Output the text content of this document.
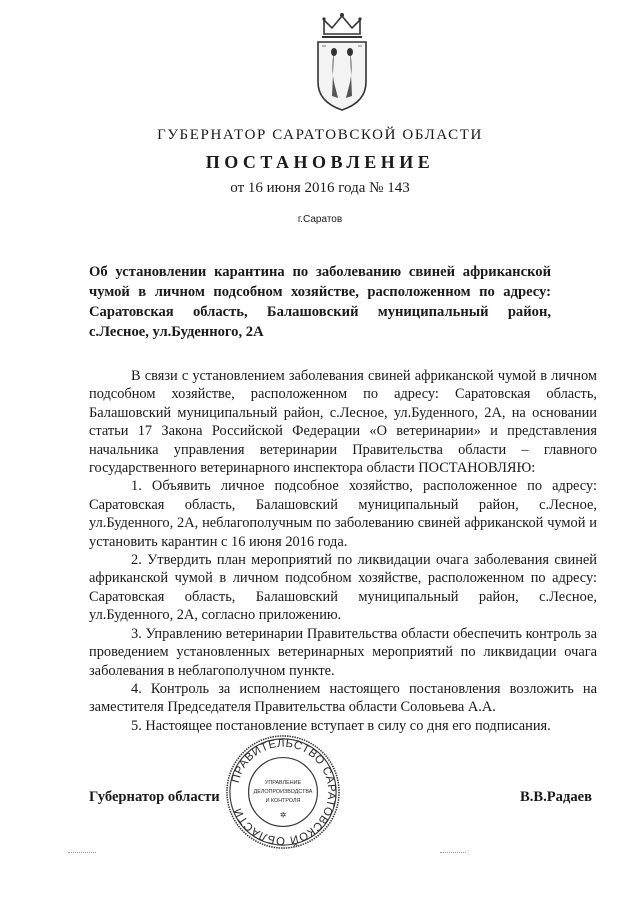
ГУБЕРНАТОР САРАТОВСКОЙ ОБЛАСТИ
ПОСТАНОВЛЕНИЕ
от 16 июня 2016 года № 143
г.Саратов
Об установлении карантина по заболеванию свиней африканской чумой в личном подсобном хозяйстве, расположенном по адресу: Саратовская область, Балашовский муниципальный район, с.Лесное, ул.Буденного, 2А

В связи с установлением заболевания свиней африканской чумой в личном подсобном хозяйстве, расположенном по адресу: Саратовская область, Балашовский муниципальный район, с.Лесное, ул.Буденного, 2А, на основании статьи 17 Закона Российской Федерации «О ветеринарии» и представления начальника управления ветеринарии Правительства области – главного государственного ветеринарного инспектора области ПОСТАНОВЛЯЮ:

1. Объявить личное подсобное хозяйство, расположенное по адресу: Саратовская область, Балашовский муниципальный район, с.Лесное, ул.Буденного, 2А, неблагополучным по заболеванию свиней африканской чумой и установить карантин с 16 июня 2016 года.

2. Утвердить план мероприятий по ликвидации очага заболевания свиней африканской чумой в личном подсобном хозяйстве, расположенном по адресу: Саратовская область, Балашовский муниципальный район, с.Лесное, ул.Буденного, 2А, согласно приложению.

3. Управлению ветеринарии Правительства области обеспечить контроль за проведением установленных ветеринарных мероприятий по ликвидации очага заболевания в неблагополучном пункте.

4. Контроль за исполнением настоящего постановления возложить на заместителя Председателя Правительства области Соловьева А.А.

5. Настоящее постановление вступает в силу со дня его подписания.

Губернатор области	В.В.Радаев
ПРАВИТЕЛЬСТВО САРАТОВСКОЙ ОБЛАСТИ
УПРАВЛЕНИЕ
ДЕЛОПРОИЗВОДСТВА
И КОНТРОЛЯ
✲
